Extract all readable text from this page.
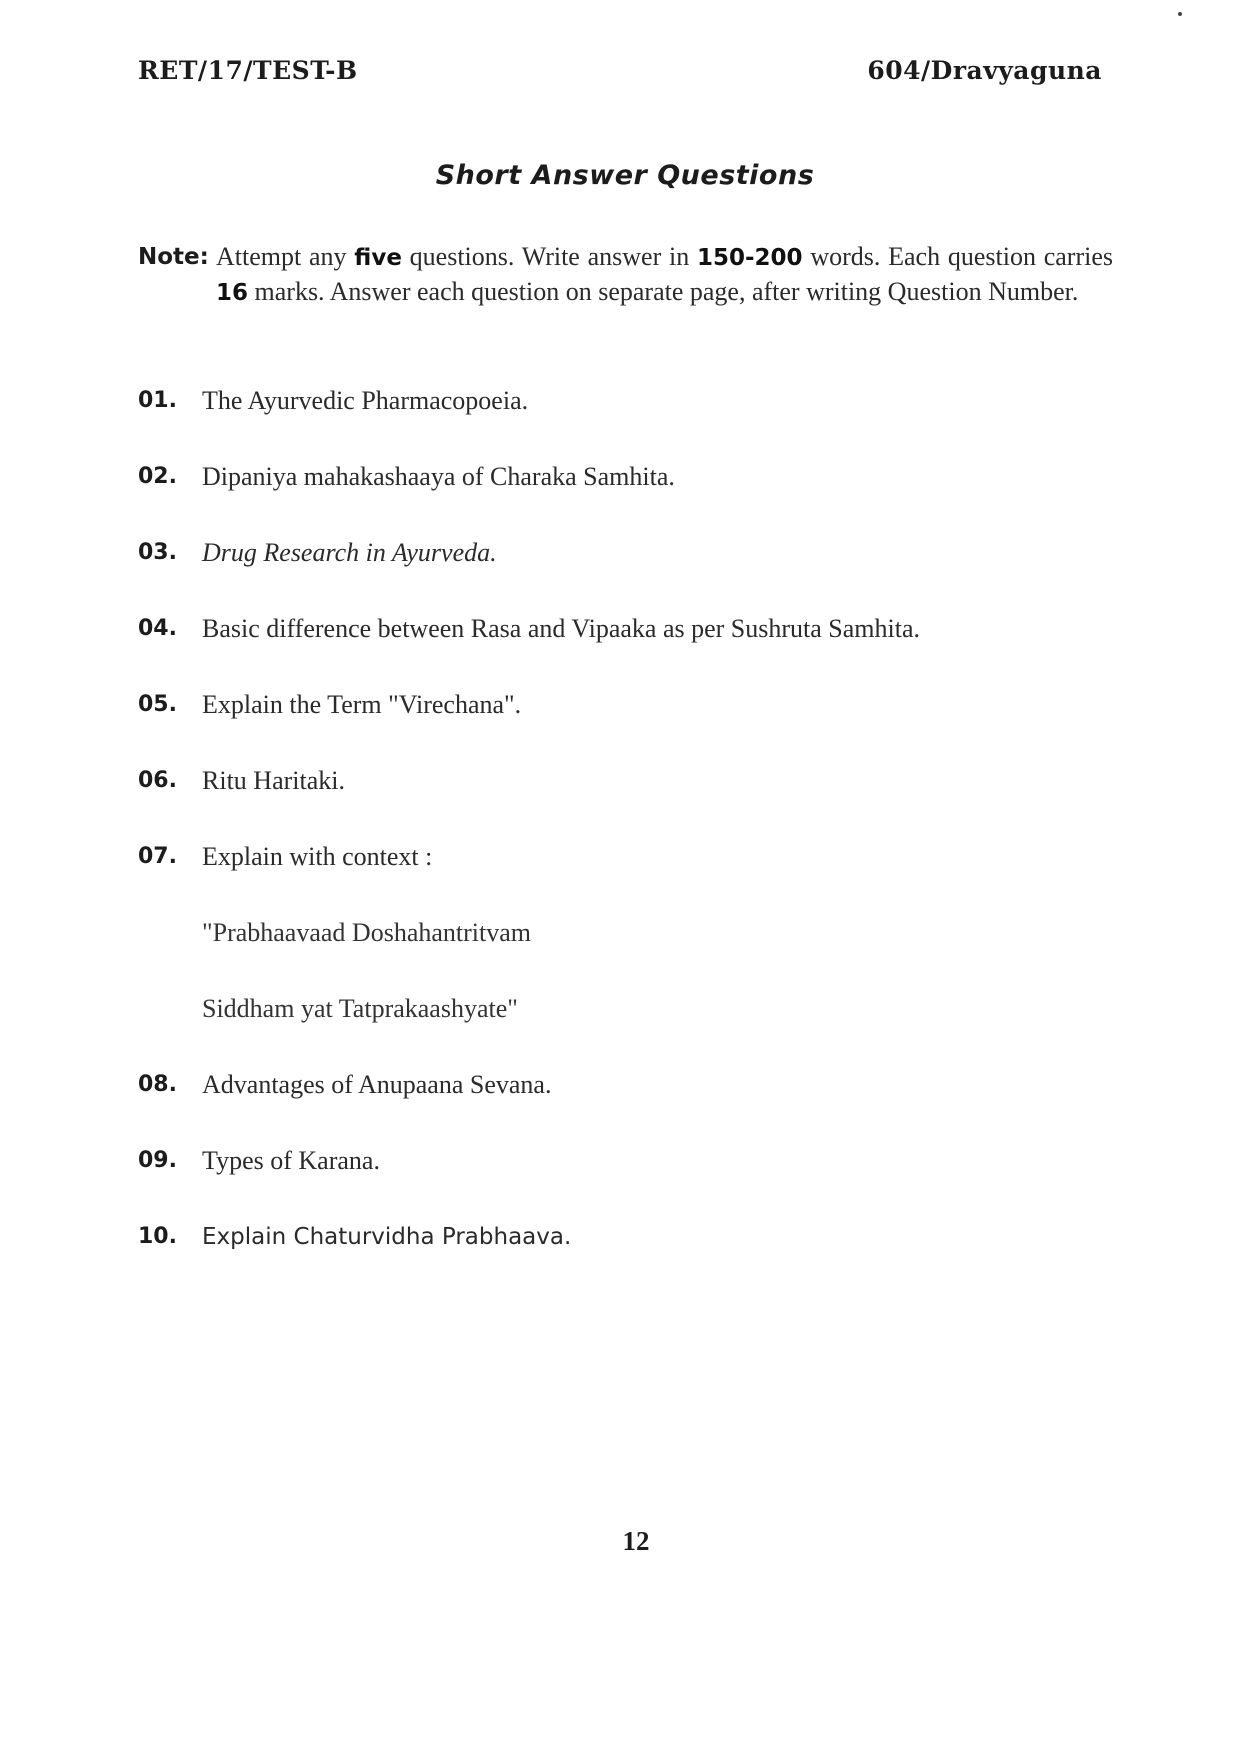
RET/17/TEST-B	604/Dravyaguna
Short Answer Questions
Note: Attempt any five questions. Write answer in 150-200 words. Each question carries 16 marks. Answer each question on separate page, after writing Question Number.
01. The Ayurvedic Pharmacopoeia.
02. Dipaniya mahakashaaya of Charaka Samhita.
03. Drug Research in Ayurveda.
04. Basic difference between Rasa and Vipaaka as per Sushruta Samhita.
05. Explain the Term "Virechana".
06. Ritu Haritaki.
07. Explain with context :
"Prabhaavaad Doshahantritvam
Siddham yat Tatprakaashyate"
08. Advantages of Anupaana Sevana.
09. Types of Karana.
10.	Explain Chaturvidha Prabhaava.
12
